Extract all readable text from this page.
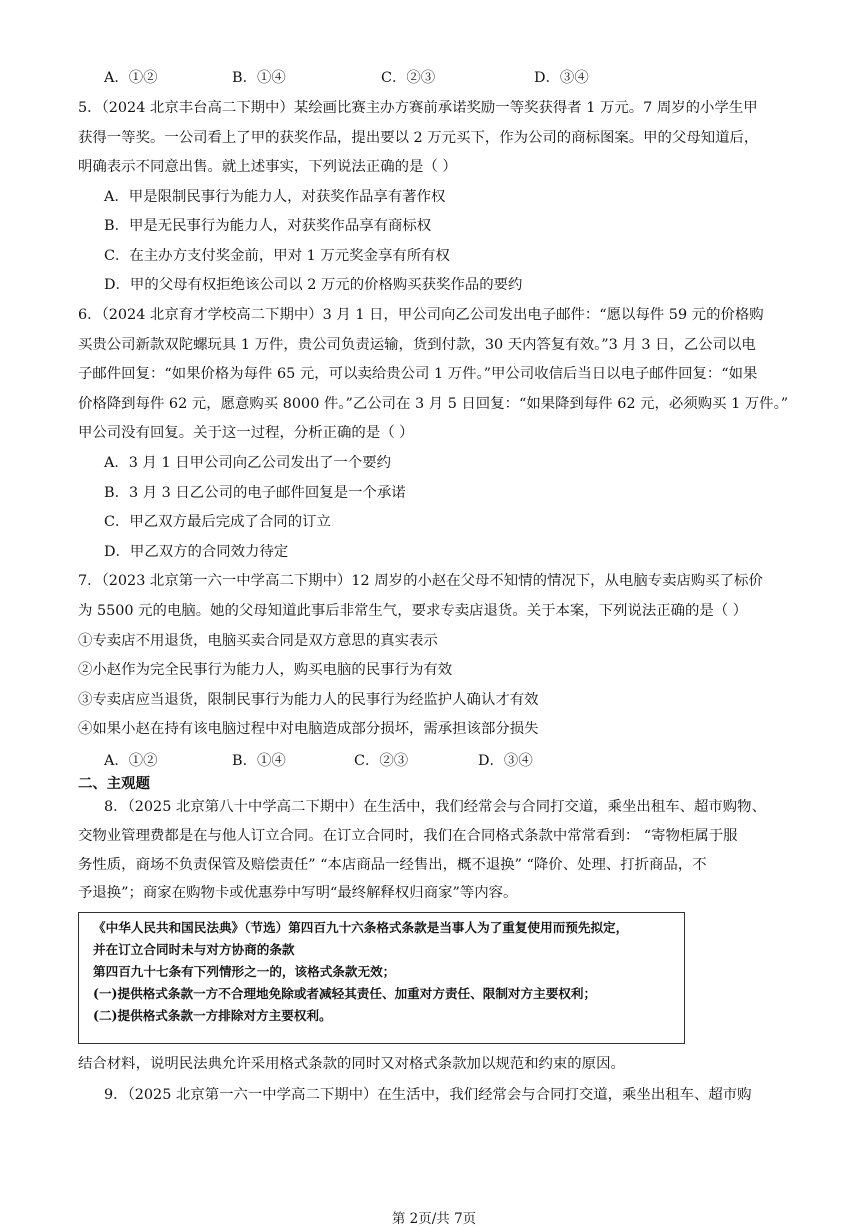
A．①②	B．①④	C．②③	D．③④
5．（2024 北京丰台高二下期中）某绘画比赛主办方赛前承诺奖励一等奖获得者 1 万元。7 周岁的小学生甲
获得一等奖。一公司看上了甲的获奖作品，提出要以 2 万元买下，作为公司的商标图案。甲的父母知道后，
明确表示不同意出售。就上述事实，下列说法正确的是（ ）
A．甲是限制民事行为能力人，对获奖作品享有著作权
B．甲是无民事行为能力人，对获奖作品享有商标权
C．在主办方支付奖金前，甲对 1 万元奖金享有所有权
D．甲的父母有权拒绝该公司以 2 万元的价格购买获奖作品的要约
6．（2024 北京育才学校高二下期中）3 月 1 日，甲公司向乙公司发出电子邮件：“愿以每件 59 元的价格购
买贵公司新款双陀螺玩具 1 万件，贵公司负责运输，货到付款，30 天内答复有效。”3 月 3 日，乙公司以电
子邮件回复：“如果价格为每件 65 元，可以卖给贵公司 1 万件。”甲公司收信后当日以电子邮件回复：“如果
价格降到每件 62 元，愿意购买 8000 件。”乙公司在 3 月 5 日回复：“如果降到每件 62 元，必须购买 1 万件。”
甲公司没有回复。关于这一过程，分析正确的是（ ）
A．3 月 1 日甲公司向乙公司发出了一个要约
B．3 月 3 日乙公司的电子邮件回复是一个承诺
C．甲乙双方最后完成了合同的订立
D．甲乙双方的合同效力待定
7．（2023 北京第一六一中学高二下期中）12 周岁的小赵在父母不知情的情况下，从电脑专卖店购买了标价
为 5500 元的电脑。她的父母知道此事后非常生气，要求专卖店退货。关于本案，下列说法正确的是（ ）
①专卖店不用退货，电脑买卖合同是双方意思的真实表示
②小赵作为完全民事行为能力人，购买电脑的民事行为有效
③专卖店应当退货，限制民事行为能力人的民事行为经监护人确认才有效
④如果小赵在持有该电脑过程中对电脑造成部分损坏，需承担该部分损失
A．①②	B．①④	C．②③	D．③④
二、主观题
8．（2025 北京第八十中学高二下期中）在生活中，我们经常会与合同打交道，乘坐出租车、超市购物、
交物业管理费都是在与他人订立合同。在订立合同时，我们在合同格式条款中常常看到： “寄物柜属于服
务性质，商场不负责保管及赔偿责任” “本店商品一经售出，概不退换” “降价、处理、打折商品，不
予退换”；商家在购物卡或优惠券中写明“最终解释权归商家”等内容。
《中华人民共和国民法典》（节选）第四百九十六条格式条款是当事人为了重复使用而预先拟定，
并在订立合同时未与对方协商的条款
第四百九十七条有下列情形之一的，该格式条款无效；
(一)提供格式条款一方不合理地免除或者减轻其责任、加重对方责任、限制对方主要权利；
(二)提供格式条款一方排除对方主要权利。
结合材料，说明民法典允许采用格式条款的同时又对格式条款加以规范和约束的原因。
9．（2025 北京第一六一中学高二下期中）在生活中，我们经常会与合同打交道，乘坐出租车、超市购
第 2页/共 7页
